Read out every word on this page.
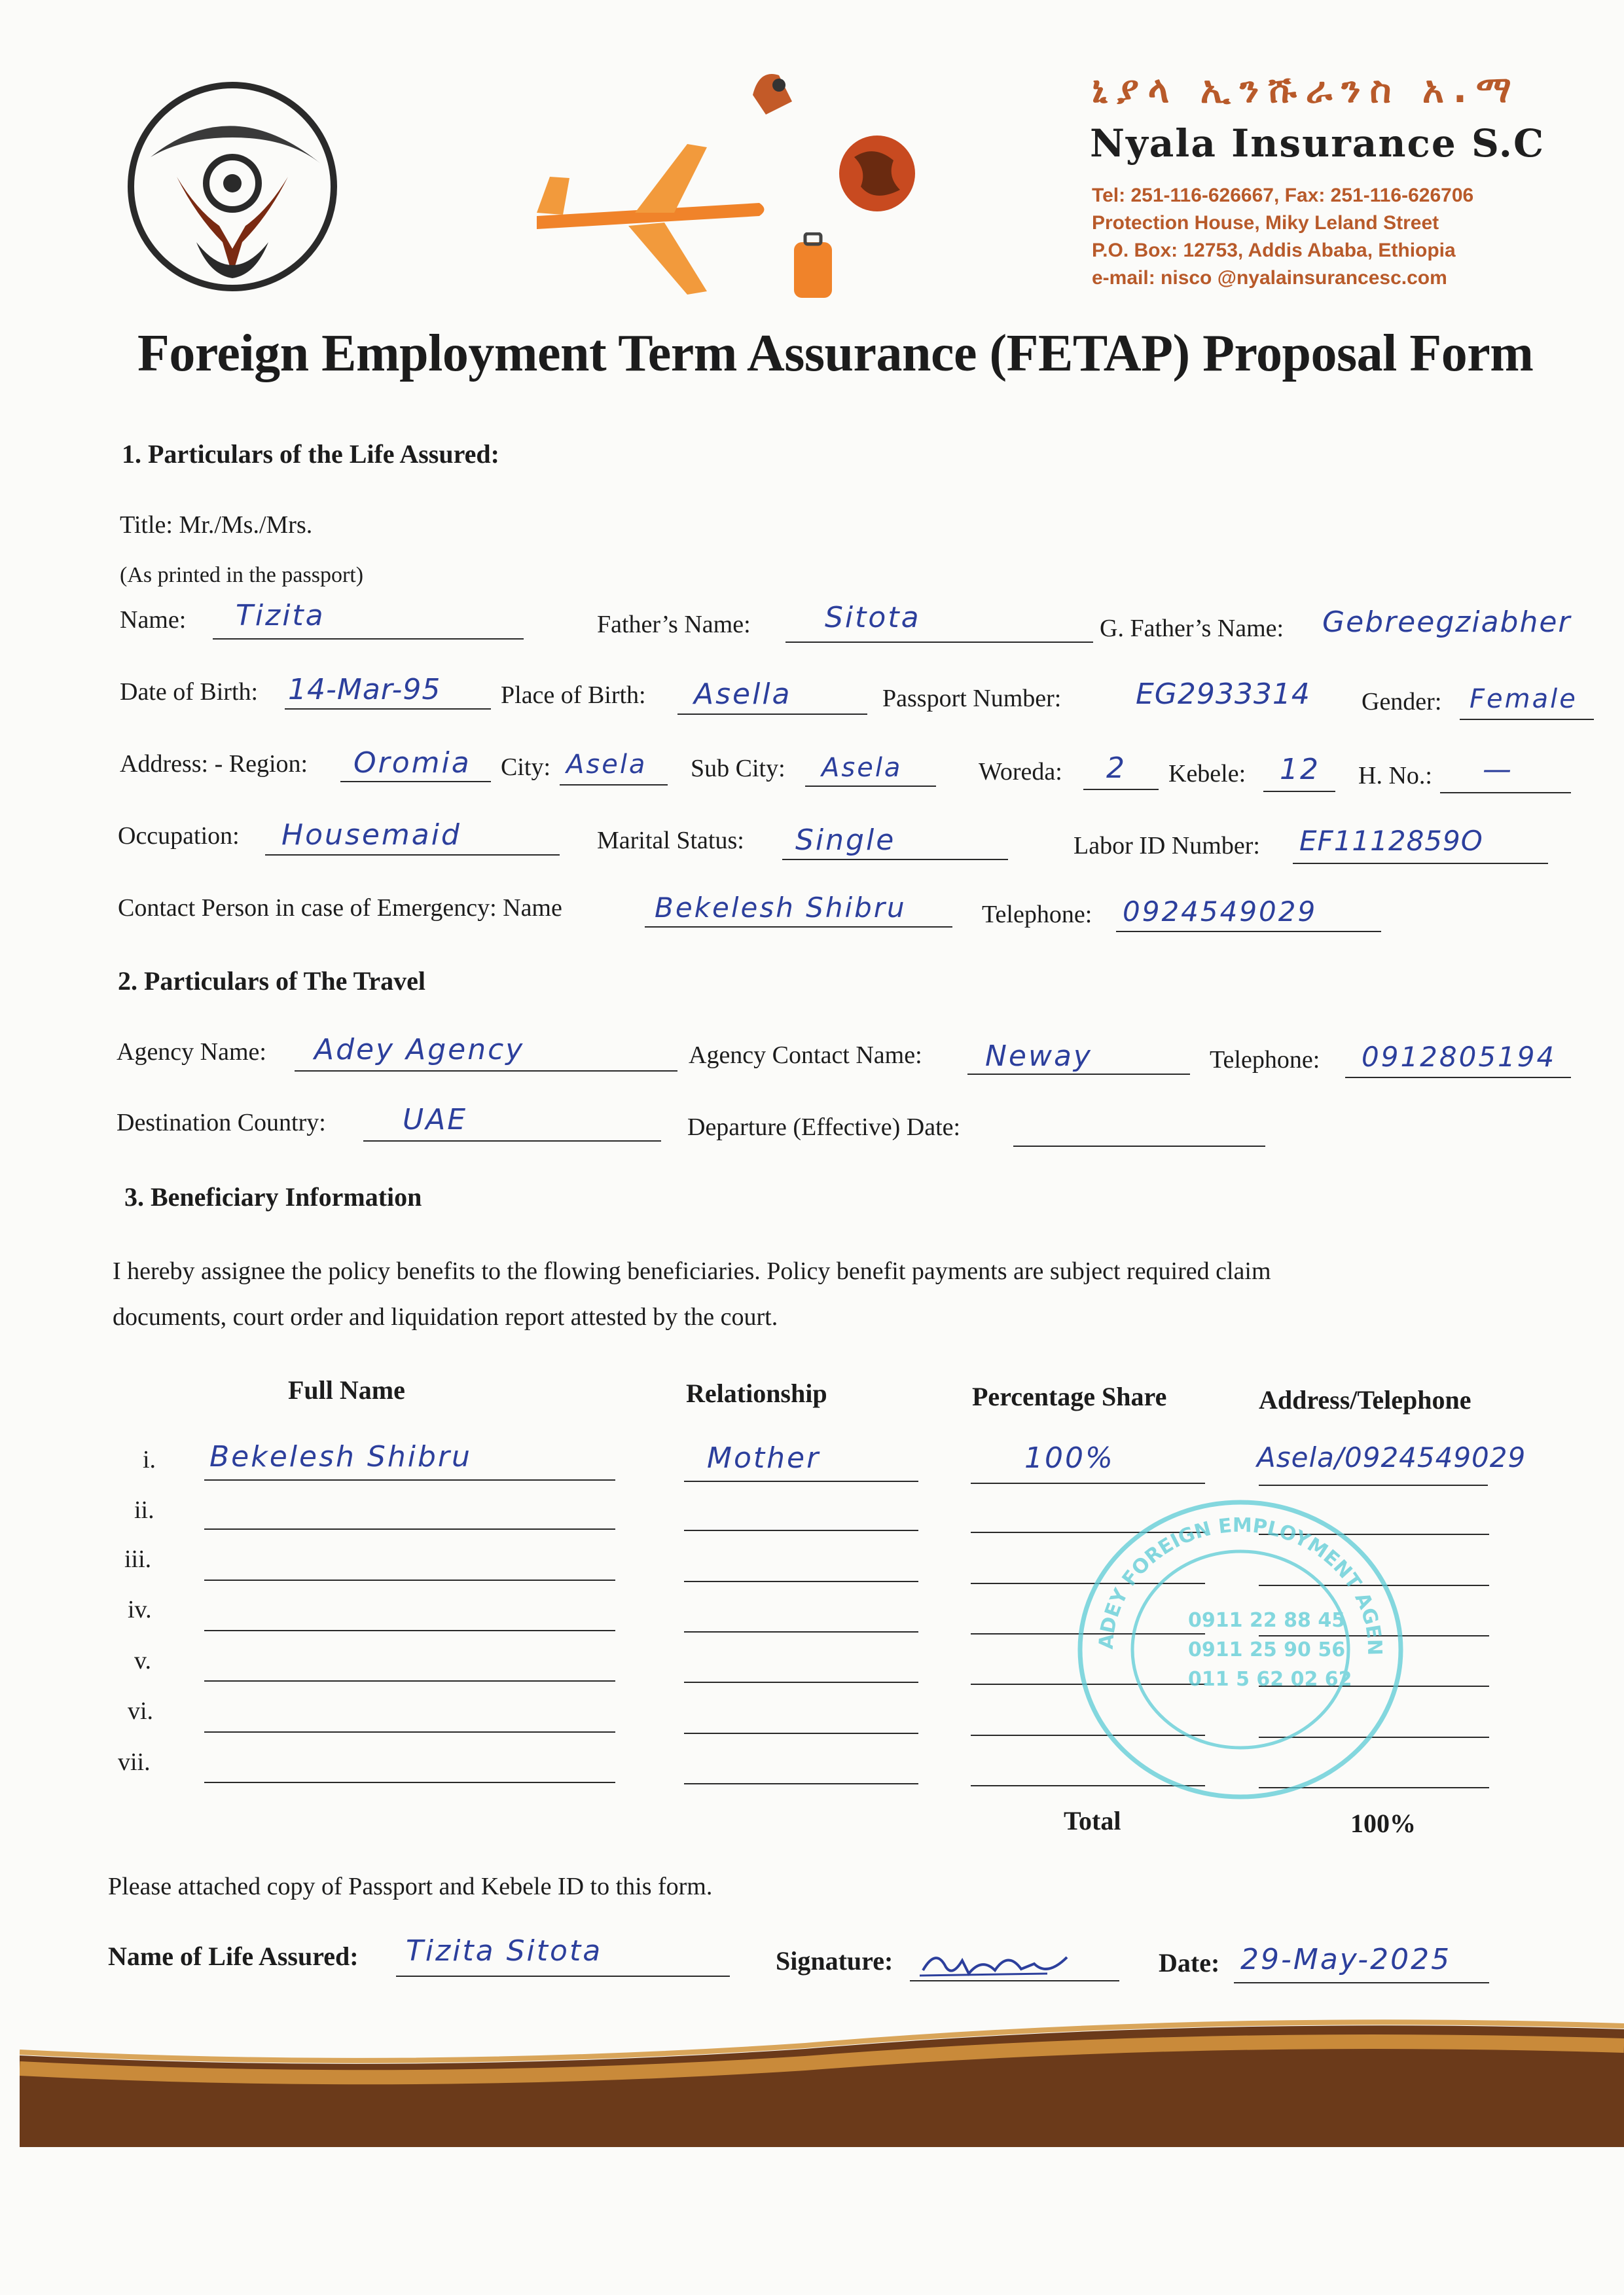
ኒያላ ኢንሹራንስ አ.ማ
Nyala Insurance S.C
Tel: 251-116-626667, Fax: 251-116-626706
Protection House, Miky Leland Street
P.O. Box: 12753, Addis Ababa, Ethiopia
e-mail: nisco @nyalainsurancesc.com
Foreign Employment Term Assurance (FETAP) Proposal Form
1. Particulars of the Life Assured:
Title: Mr./Ms./Mrs.
(As printed in the passport)
Name: Tizita	Father’s Name:	Sitota	G. Father’s Name: Gebreegziabher
Date of Birth: 14-Mar-95 Place of Birth: Asella	Passport Number:	EG2933314 Gender: Female
Address: - Region: Oromia City: Asela Sub City: Asela	Woreda: 2 Kebele: 12 H. No.: —
Occupation: Housemaid	Marital Status: Single	Labor ID Number: EF1112859O
Contact Person in case of Emergency: Name	Bekelesh Shibru	Telephone: 0924549029
2. Particulars of The Travel
Agency Name: Adey Agency	Agency Contact Name: Neway	Telephone: 0912805194
Destination Country:	UAE	Departure (Effective) Date:
3. Beneficiary Information
I hereby assignee the policy benefits to the flowing beneficiaries. Policy benefit payments are subject required claim
documents, court order and liquidation report attested by the court.
Full Name	Relationship	Percentage Share	Address/Telephone
i. Bekelesh Shibru	Mother	100%	Asela/0924549029
ii.
iii.
iv.
v.
vi.
vii.
Total	100%
ADEY FOREIGN EMPLOYMENT AGEN
0911 22 88 45
0911 25 90 56
011 5 62 02 62
Please attached copy of Passport and Kebele ID to this form.
Name of Life Assured: Tizita Sitota	Signature:	Date: 29-May-2025
